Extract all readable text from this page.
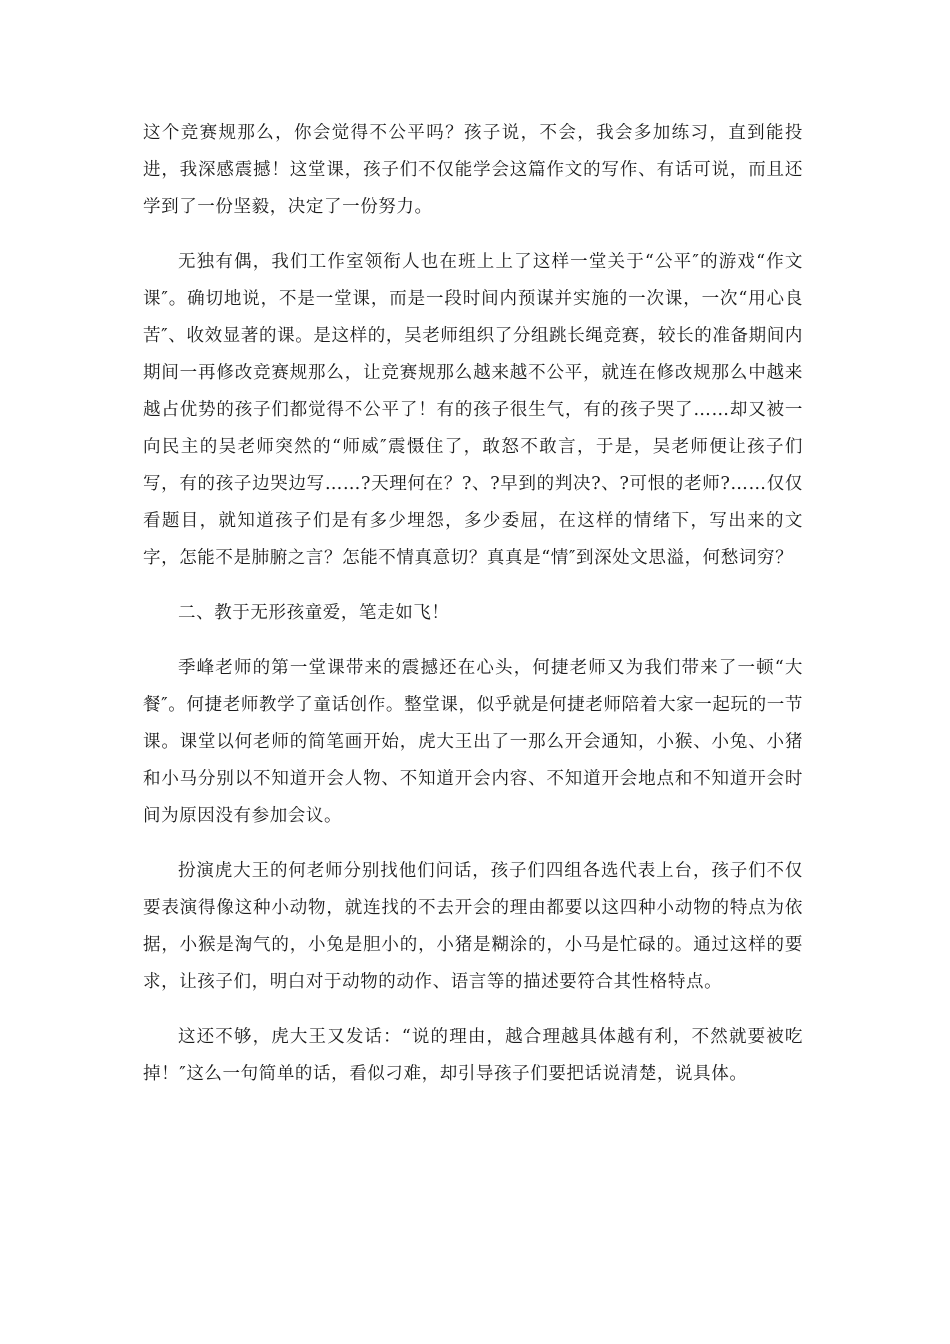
这个竞赛规那么，你会觉得不公平吗？孩子说，不会，我会多加练习，直到能投进，我深感震撼！这堂课，孩子们不仅能学会这篇作文的写作、有话可说，而且还学到了一份坚毅，决定了一份努力。

无独有偶，我们工作室领衔人也在班上上了这样一堂关于“公平″的游戏“作文课″。确切地说，不是一堂课，而是一段时间内预谋并实施的一次课，一次“用心良苦″、收效显著的课。是这样的，吴老师组织了分组跳长绳竞赛，较长的准备期间内期间一再修改竞赛规那么，让竞赛规那么越来越不公平，就连在修改规那么中越来越占优势的孩子们都觉得不公平了！有的孩子很生气，有的孩子哭了……却又被一向民主的吴老师突然的“师威″震慑住了，敢怒不敢言，于是，吴老师便让孩子们写，有的孩子边哭边写……?天理何在？?、?早到的判决?、?可恨的老师?……仅仅看题目，就知道孩子们是有多少埋怨，多少委屈，在这样的情绪下，写出来的文字，怎能不是肺腑之言？怎能不情真意切？真真是“情″到深处文思溢，何愁词穷？

二、教于无形孩童爱，笔走如飞！

季峰老师的第一堂课带来的震撼还在心头，何捷老师又为我们带来了一顿“大餐″。何捷老师教学了童话创作。整堂课，似乎就是何捷老师陪着大家一起玩的一节课。课堂以何老师的简笔画开始，虎大王出了一那么开会通知，小猴、小兔、小猪和小马分别以不知道开会人物、不知道开会内容、不知道开会地点和不知道开会时间为原因没有参加会议。

扮演虎大王的何老师分别找他们问话，孩子们四组各选代表上台，孩子们不仅要表演得像这种小动物，就连找的不去开会的理由都要以这四种小动物的特点为依据，小猴是淘气的，小兔是胆小的，小猪是糊涂的，小马是忙碌的。通过这样的要求，让孩子们，明白对于动物的动作、语言等的描述要符合其性格特点。

这还不够，虎大王又发话：“说的理由，越合理越具体越有利，不然就要被吃掉！″这么一句简单的话，看似刁难，却引导孩子们要把话说清楚，说具体。
